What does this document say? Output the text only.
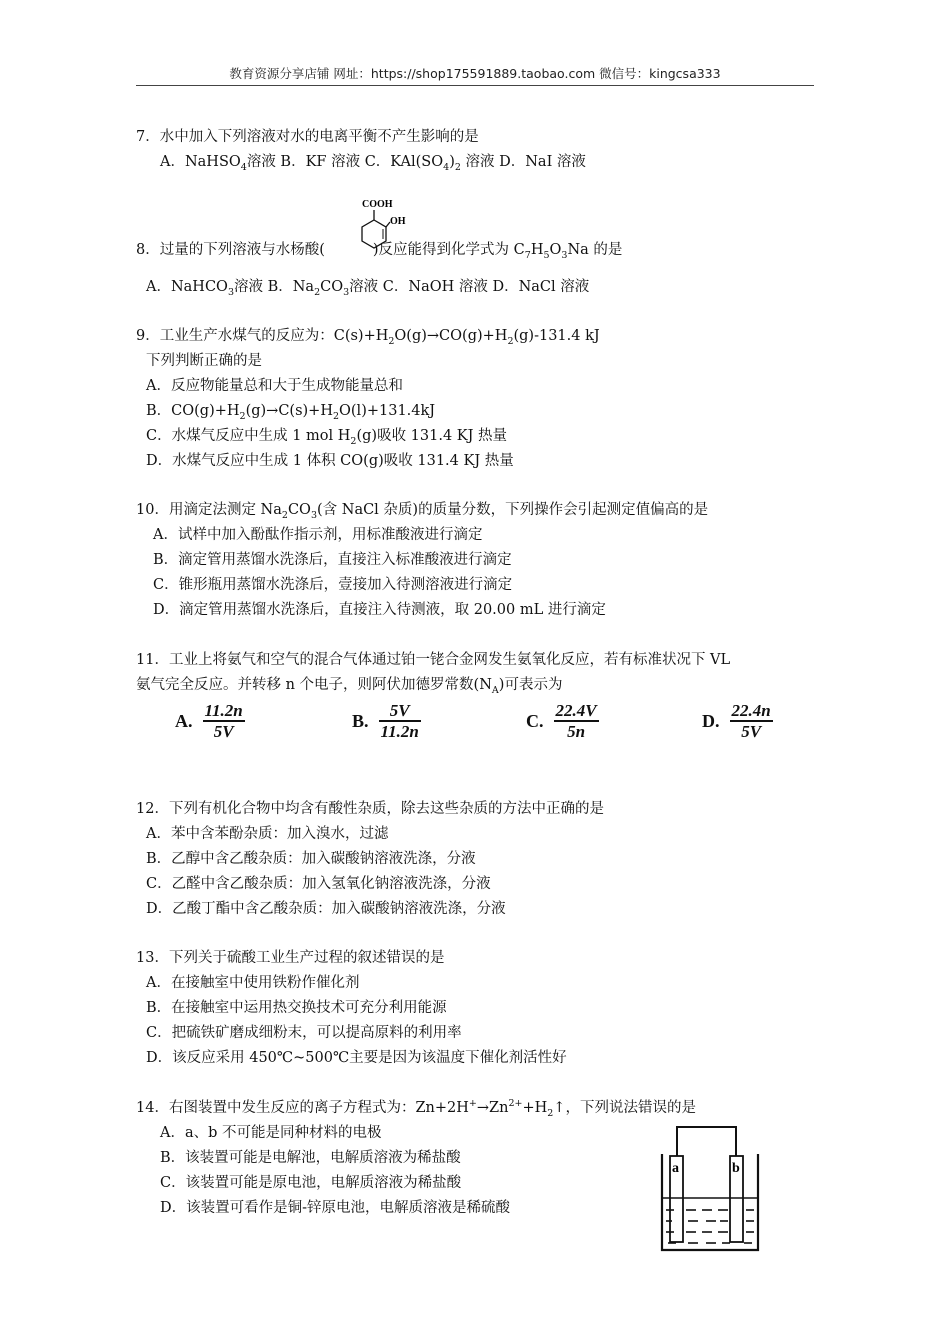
教育资源分享店铺 网址：https://shop175591889.taobao.com 微信号：kingcsa333
7．水中加入下列溶液对水的电离平衡不产生影响的是
A．NaHSO$_4$溶液 B．KF 溶液 C．$KAl(SO_4)_2$ 溶液 D．NaI 溶液
COOH
OH
8．过量的下列溶液与水杨酸(	)反应能得到化学式为 $C_7H_5O_3Na$ 的是
A．NaHCO$_3$溶液 B．$Na_2CO_3$溶液 C．NaOH 溶液 D．NaCl 溶液
9．工业生产水煤气的反应为：$C(s)+H_2O(g)\to CO(g)+H_2(g)-131.4$ kJ
下列判断正确的是
A．反应物能量总和大于生成物能量总和
B．$CO(g)+H_2(g)\to C(s)+H_2O(l)+131.4kJ$
C．水煤气反应中生成 1 mol $H_2(g)$吸收 131.4 KJ 热量
D．水煤气反应中生成 1 体积 CO(g)吸收 131.4 KJ 热量
10．用滴定法测定 $Na_2CO_3$(含 NaCl 杂质)的质量分数，下列操作会引起测定值偏高的是
A．试样中加入酚酞作指示剂，用标准酸液进行滴定
B．滴定管用蒸馏水洗涤后，直接注入标准酸液进行滴定
C．锥形瓶用蒸馏水洗涤后，壹接加入待测溶液进行滴定
D．滴定管用蒸馏水洗涤后，直接注入待测液，取 20.00 mL 进行滴定
11．工业上将氨气和空气的混合气体通过铂一铑合金网发生氨氧化反应，若有标准状况下 VL
氨气完全反应。并转移 n 个电子，则阿伏加德罗常数$(N_A)$可表示为
A. $\frac{11.2n}{5V}$	B. $\frac{5V}{11.2n}$	C. $\frac{22.4V}{5n}$	D. $\frac{22.4n}{5V}$
12．下列有机化合物中均含有酸性杂质，除去这些杂质的方法中正确的是
A．苯中含苯酚杂质：加入溴水，过滤
B．乙醇中含乙酸杂质：加入碳酸钠溶液洗涤，分液
C．乙醛中含乙酸杂质：加入氢氧化钠溶液洗涤，分液
D．乙酸丁酯中含乙酸杂质：加入碳酸钠溶液洗涤，分液
13．下列关于硫酸工业生产过程的叙述错误的是
A．在接触室中使用铁粉作催化剂
B．在接触室中运用热交换技术可充分利用能源
C．把硫铁矿磨成细粉末，可以提高原料的利用率
D．该反应采用 450℃~500℃主要是因为该温度下催化剂活性好
14．右图装置中发生反应的离子方程式为：$Zn+2H^+\to Zn^{2+}+H_2↑$，下列说法错误的是
A．a、b 不可能是同种材料的电极
B．该装置可能是电解池，电解质溶液为稀盐酸
C．该装置可能是原电池，电解质溶液为稀盐酸
D．该装置可看作是铜-锌原电池，电解质溶液是稀硫酸
a	b
